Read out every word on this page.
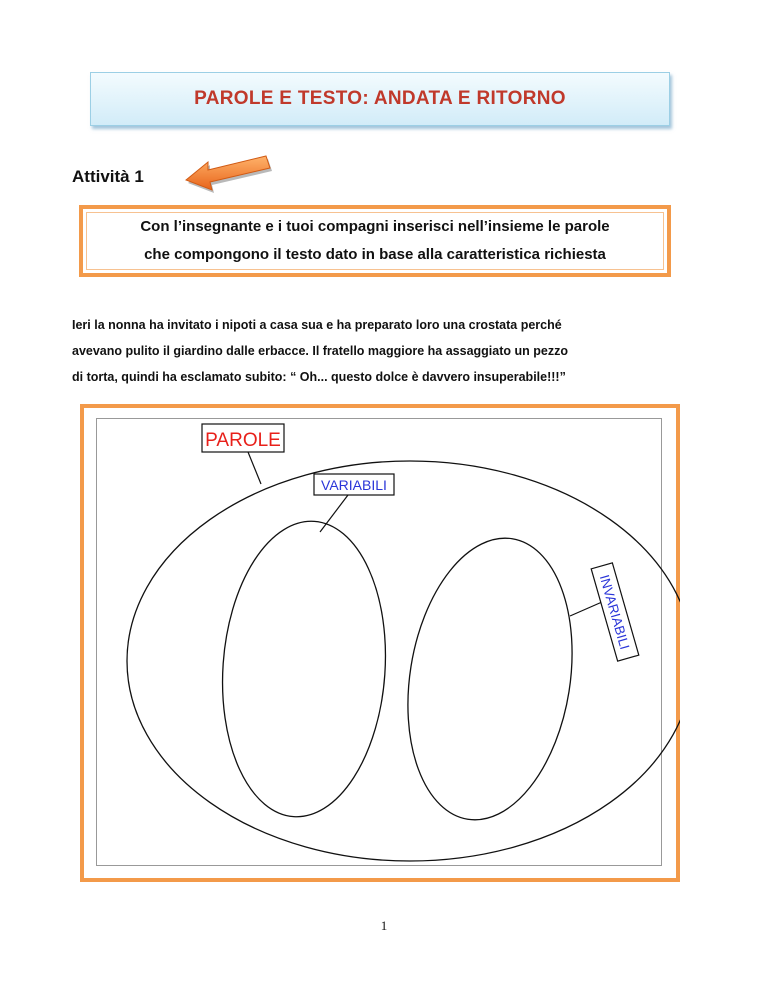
PAROLE E TESTO: ANDATA E RITORNO
Attività 1
Con l’insegnante e i tuoi compagni inserisci nell’insieme le parole
che compongono il testo dato in base alla caratteristica richiesta
Ieri la nonna ha invitato i nipoti a casa sua e ha preparato loro una crostata perché
avevano pulito il giardino dalle erbacce. Il fratello maggiore ha assaggiato un pezzo
di torta, quindi ha esclamato subito: “ Oh... questo dolce è davvero insuperabile!!!”
PAROLE
VARIABILI
INVARIABILI
1
